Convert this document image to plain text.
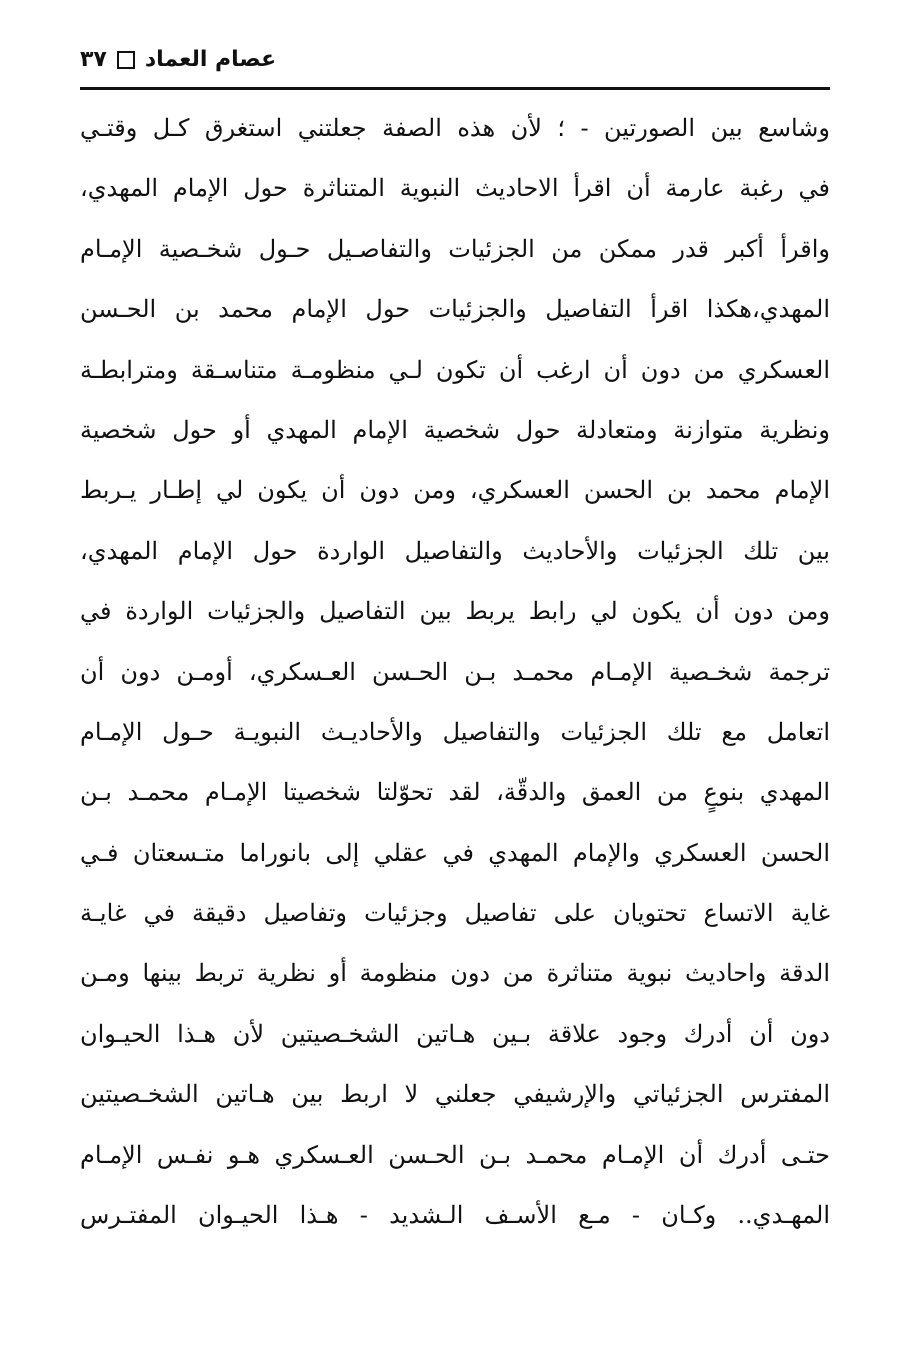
عصام العماد
٣٧
وشاسع بين الصورتين - ؛ لأن هذه الصفة جعلتني استغرق كـل وقتـي
في رغبة عارمة أن اقرأ الاحاديث النبوية المتناثرة حول الإمام المهدي،
واقرأ أكبر قدر ممكن من الجزئيات والتفاصـيل حـول شخـصية الإمـام
المهدي،هكذا اقرأ التفاصيل والجزئيات حول الإمام محمد بن الحـسن
العسكري من دون أن ارغب أن تكون لـي منظومـة متناسـقة ومترابطـة
ونظرية متوازنة ومتعادلة حول شخصية الإمام المهدي أو حول شخصية
الإمام محمد بن الحسن العسكري، ومن دون أن يكون لي إطـار يـربط
بين تلك الجزئيات والأحاديث والتفاصيل الواردة حول الإمام المهدي،
ومن دون أن يكون لي رابط يربط بين التفاصيل والجزئيات الواردة في
ترجمة شخـصية الإمـام محمـد بـن الحـسن العـسكري، أومـن دون أن
اتعامل مع تلك الجزئيات والتفاصيل والأحاديـث النبويـة حـول الإمـام
المهدي بنوعٍ من العمق والدقّة، لقد تحوّلتا شخصيتا الإمـام محمـد بـن
الحسن العسكري والإمام المهدي في عقلي إلى بانوراما متـسعتان فـي
غاية الاتساع تحتويان على تفاصيل وجزئيات وتفاصيل دقيقة في غايـة
الدقة واحاديث نبوية متناثرة من دون منظومة أو نظرية تربط بينها ومـن
دون أن أدرك وجود علاقة بـين هـاتين الشخـصيتين لأن هـذا الحيـوان
المفترس الجزئياتي والإرشيفي جعلني لا اربط بين هـاتين الشخـصيتين
حتـى أدرك أن الإمـام محمـد بـن الحـسن العـسكري هـو نفـس الإمـام
المهـدي.. وكـان - مـع الأسـف الـشديد - هـذا الحيـوان المفتـرس
